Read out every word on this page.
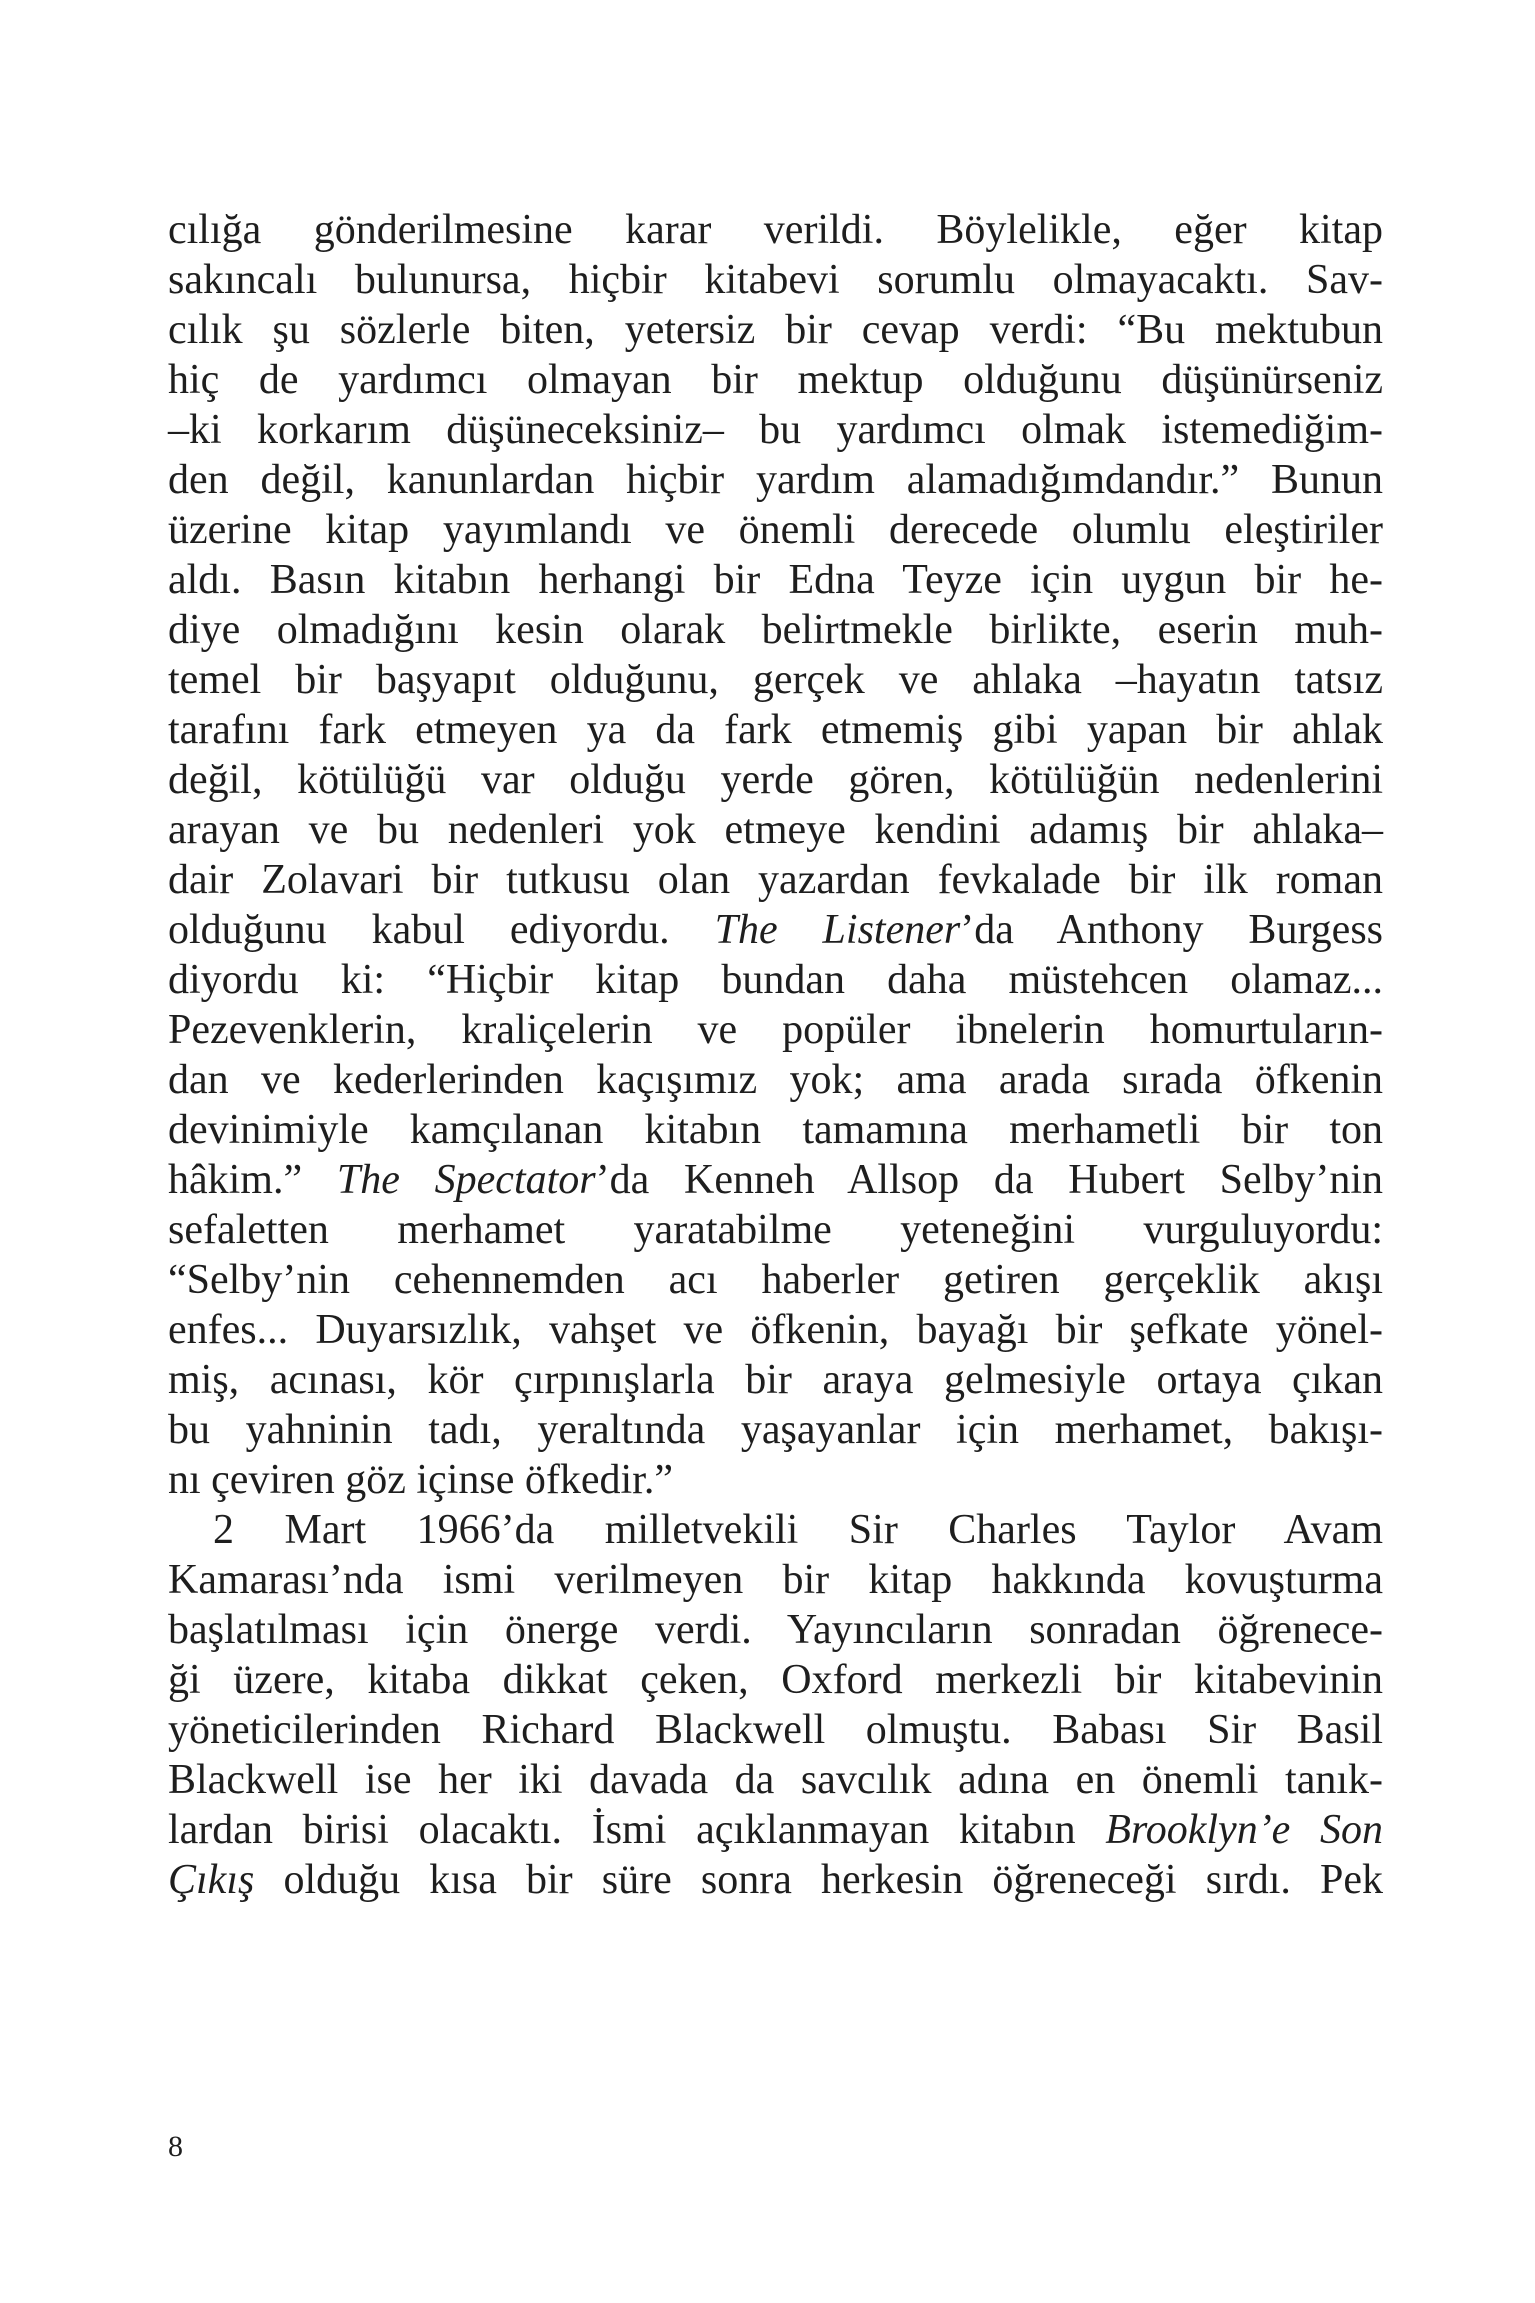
cılığa gönderilmesine karar verildi. Böylelikle, eğer kitap
sakıncalı bulunursa, hiçbir kitabevi sorumlu olmayacaktı. Sav-
cılık şu sözlerle biten, yetersiz bir cevap verdi: “Bu mektubun
hiç de yardımcı olmayan bir mektup olduğunu düşünürseniz
–ki korkarım düşüneceksiniz– bu yardımcı olmak istemediğim-
den değil, kanunlardan hiçbir yardım alamadığımdandır.” Bunun
üzerine kitap yayımlandı ve önemli derecede olumlu eleştiriler
aldı. Basın kitabın herhangi bir Edna Teyze için uygun bir he-
diye olmadığını kesin olarak belirtmekle birlikte, eserin muh-
temel bir başyapıt olduğunu, gerçek ve ahlaka –hayatın tatsız
tarafını fark etmeyen ya da fark etmemiş gibi yapan bir ahlak
değil, kötülüğü var olduğu yerde gören, kötülüğün nedenlerini
arayan ve bu nedenleri yok etmeye kendini adamış bir ahlaka–
dair Zolavari bir tutkusu olan yazardan fevkalade bir ilk roman
olduğunu kabul ediyordu. The Listener’da Anthony Burgess
diyordu ki: “Hiçbir kitap bundan daha müstehcen olamaz...
Pezevenklerin, kraliçelerin ve popüler ibnelerin homurtuların-
dan ve kederlerinden kaçışımız yok; ama arada sırada öfkenin
devinimiyle kamçılanan kitabın tamamına merhametli bir ton
hâkim.” The Spectator’da Kenneh Allsop da Hubert Selby’nin
sefaletten merhamet yaratabilme yeteneğini vurguluyordu:
“Selby’nin cehennemden acı haberler getiren gerçeklik akışı
enfes... Duyarsızlık, vahşet ve öfkenin, bayağı bir şefkate yönel-
miş, acınası, kör çırpınışlarla bir araya gelmesiyle ortaya çıkan
bu yahninin tadı, yeraltında yaşayanlar için merhamet, bakışı-
nı çeviren göz içinse öfkedir.”
2 Mart 1966’da milletvekili Sir Charles Taylor Avam
Kamarası’nda ismi verilmeyen bir kitap hakkında kovuşturma
başlatılması için önerge verdi. Yayıncıların sonradan öğrenece-
ği üzere, kitaba dikkat çeken, Oxford merkezli bir kitabevinin
yöneticilerinden Richard Blackwell olmuştu. Babası Sir Basil
Blackwell ise her iki davada da savcılık adına en önemli tanık-
lardan birisi olacaktı. İsmi açıklanmayan kitabın Brooklyn’e Son
Çıkış olduğu kısa bir süre sonra herkesin öğreneceği sırdı. Pek
8
